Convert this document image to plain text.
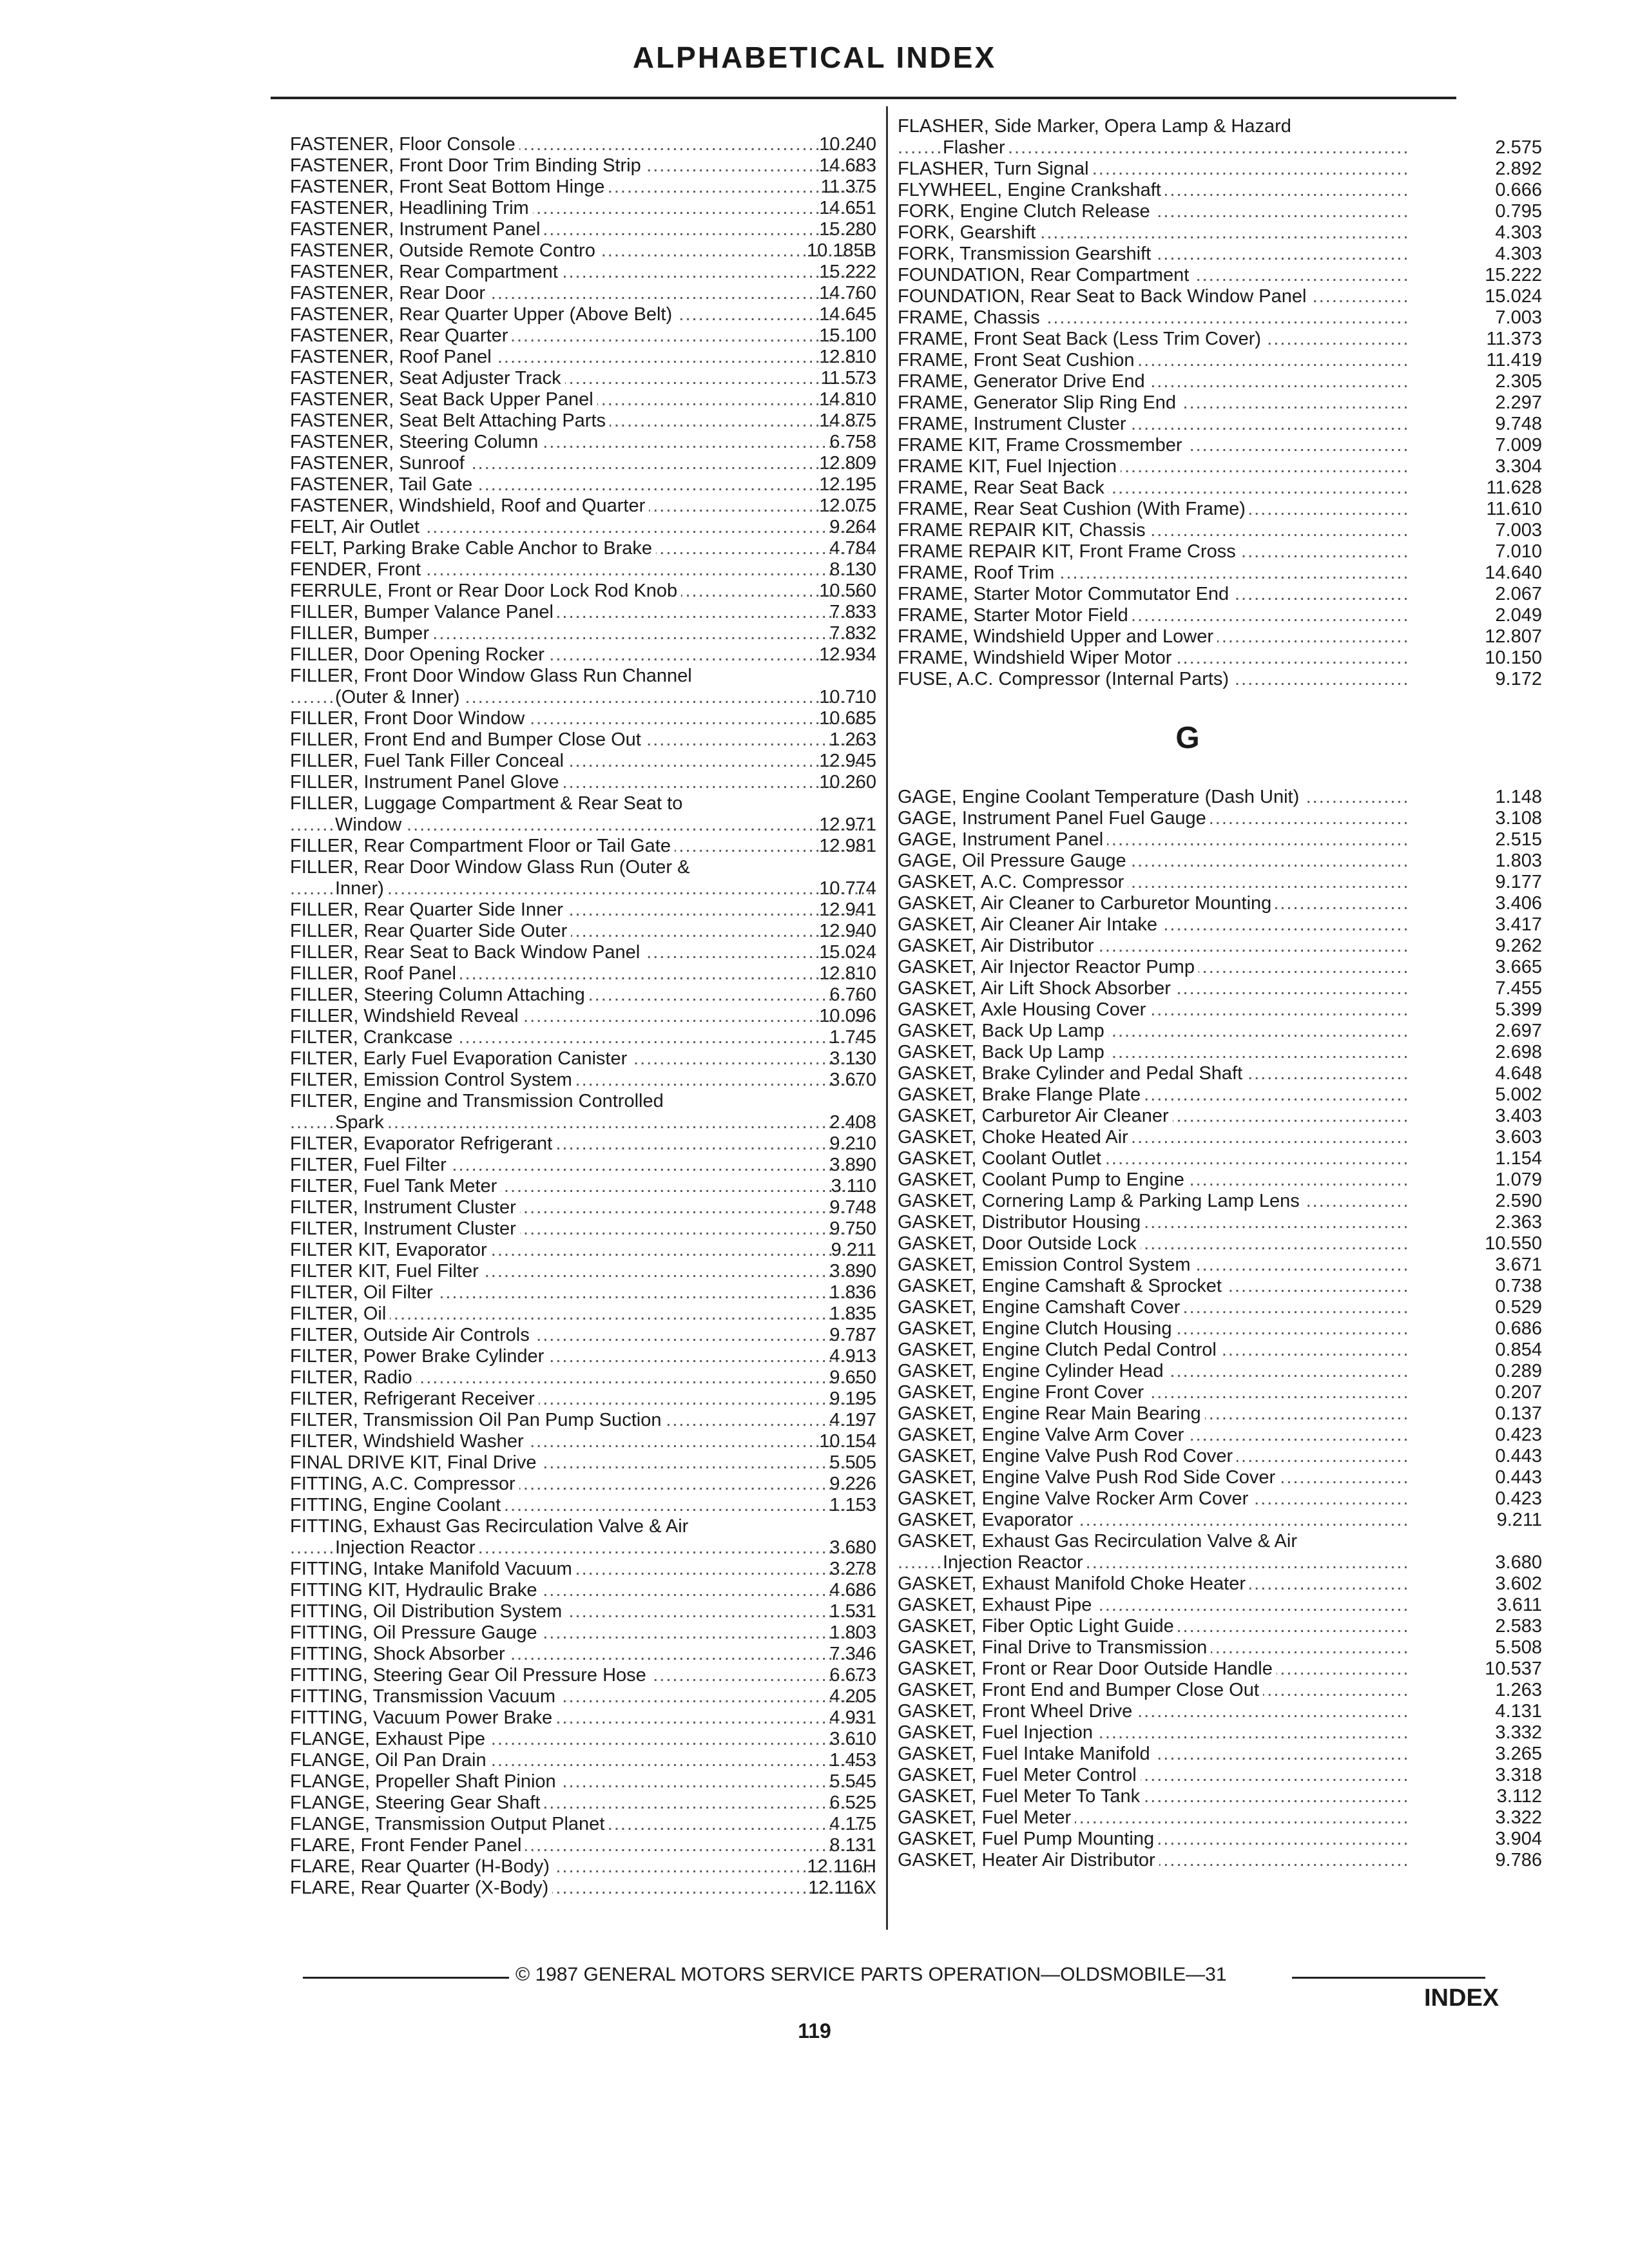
ALPHABETICAL INDEX
.....
FASTENER, Floor Console	10.240
.....
FASTENER, Front Door Trim Binding Strip	14.683
.....
FASTENER, Front Seat Bottom Hinge	11.375
.....
FASTENER, Headlining Trim	14.651
.....
FASTENER, Instrument Panel	15.280
.....
FASTENER, Outside Remote Contro	10.185B
.....
FASTENER, Rear Compartment	15.222
.....
FASTENER, Rear Door	14.760
.....
FASTENER, Rear Quarter Upper (Above Belt)	14.645
.....
FASTENER, Rear Quarter	15.100
.....
FASTENER, Roof Panel	12.810
.....
FASTENER, Seat Adjuster Track	11.573
.....
FASTENER, Seat Back Upper Panel	14.810
.....
FASTENER, Seat Belt Attaching Parts	14.875
.....
FASTENER, Steering Column	6.758
.....
FASTENER, Sunroof	12.809
.....
FASTENER, Tail Gate	12.195
.....
FASTENER, Windshield, Roof and Quarter	12.075
.....
FELT, Air Outlet	9.264
.....
FELT, Parking Brake Cable Anchor to Brake	4.784
.....
FENDER, Front	8.130
.....
FERRULE, Front or Rear Door Lock Rod Knob	10.560
.....
FILLER, Bumper Valance Panel	7.833
.....
FILLER, Bumper	7.832
.....
FILLER, Door Opening Rocker	12.934
FILLER, Front Door Window Glass Run Channel
.....
(Outer & Inner)	10.710
.....
FILLER, Front Door Window	10.685
.....
FILLER, Front End and Bumper Close Out	1.263
.....
FILLER, Fuel Tank Filler Conceal	12.945
.....
FILLER, Instrument Panel Glove	10.260
FILLER, Luggage Compartment & Rear Seat to
.....
Window	12.971
.....
FILLER, Rear Compartment Floor or Tail Gate	12.981
FILLER, Rear Door Window Glass Run (Outer &
.....
Inner)	10.774
.....
FILLER, Rear Quarter Side Inner	12.941
.....
FILLER, Rear Quarter Side Outer	12.940
.....
FILLER, Rear Seat to Back Window Panel	15.024
.....
FILLER, Roof Panel	12.810
.....
FILLER, Steering Column Attaching	6.760
.....
FILLER, Windshield Reveal	10.096
.....
FILTER, Crankcase	1.745
.....
FILTER, Early Fuel Evaporation Canister	3.130
.....
FILTER, Emission Control System	3.670
FILTER, Engine and Transmission Controlled
.....
Spark	2.408
.....
FILTER, Evaporator Refrigerant	9.210
.....
FILTER, Fuel Filter	3.890
.....
FILTER, Fuel Tank Meter	3.110
.....
FILTER, Instrument Cluster	9.748
.....
FILTER, Instrument Cluster	9.750
.....
FILTER KIT, Evaporator	9.211
.....
FILTER KIT, Fuel Filter	3.890
.....
FILTER, Oil Filter	1.836
.....
FILTER, Oil	1.835
.....
FILTER, Outside Air Controls	9.787
.....
FILTER, Power Brake Cylinder	4.913
.....
FILTER, Radio	9.650
.....
FILTER, Refrigerant Receiver	9.195
.....
FILTER, Transmission Oil Pan Pump Suction	4.197
.....
FILTER, Windshield Washer	10.154
.....
FINAL DRIVE KIT, Final Drive	5.505
.....
FITTING, A.C. Compressor	9.226
.....
FITTING, Engine Coolant	1.153
FITTING, Exhaust Gas Recirculation Valve & Air
.....
Injection Reactor	3.680
.....
FITTING, Intake Manifold Vacuum	3.278
.....
FITTING KIT, Hydraulic Brake	4.686
.....
FITTING, Oil Distribution System	1.531
.....
FITTING, Oil Pressure Gauge	1.803
.....
FITTING, Shock Absorber	7.346
.....
FITTING, Steering Gear Oil Pressure Hose	6.673
.....
FITTING, Transmission Vacuum	4.205
.....
FITTING, Vacuum Power Brake	4.931
.....
FLANGE, Exhaust Pipe	3.610
.....
FLANGE, Oil Pan Drain	1.453
.....
FLANGE, Propeller Shaft Pinion	5.545
.....
FLANGE, Steering Gear Shaft	6.525
.....
FLANGE, Transmission Output Planet	4.175
.....
FLARE, Front Fender Panel	8.131
.....
FLARE, Rear Quarter (H-Body)	12.116H
.....
FLARE, Rear Quarter (X-Body)	12.116X
FLASHER, Side Marker, Opera Lamp & Hazard
.....
Flasher	2.575
.....
FLASHER, Turn Signal	2.892
.....
FLYWHEEL, Engine Crankshaft	0.666
.....
FORK, Engine Clutch Release	0.795
.....
FORK, Gearshift	4.303
.....
FORK, Transmission Gearshift	4.303
.....
FOUNDATION, Rear Compartment	15.222
.....
FOUNDATION, Rear Seat to Back Window Panel	15.024
.....
FRAME, Chassis	7.003
.....
FRAME, Front Seat Back (Less Trim Cover)	11.373
.....
FRAME, Front Seat Cushion	11.419
.....
FRAME, Generator Drive End	2.305
.....
FRAME, Generator Slip Ring End	2.297
.....
FRAME, Instrument Cluster	9.748
.....
FRAME KIT, Frame Crossmember	7.009
.....
FRAME KIT, Fuel Injection	3.304
.....
FRAME, Rear Seat Back	11.628
.....
FRAME, Rear Seat Cushion (With Frame)	11.610
.....
FRAME REPAIR KIT, Chassis	7.003
.....
FRAME REPAIR KIT, Front Frame Cross	7.010
.....
FRAME, Roof Trim	14.640
.....
FRAME, Starter Motor Commutator End	2.067
.....
FRAME, Starter Motor Field	2.049
.....
FRAME, Windshield Upper and Lower	12.807
.....
FRAME, Windshield Wiper Motor	10.150
.....
FUSE, A.C. Compressor (Internal Parts)	9.172
G
.....
GAGE, Engine Coolant Temperature (Dash Unit)	1.148
.....
GAGE, Instrument Panel Fuel Gauge	3.108
.....
GAGE, Instrument Panel	2.515
.....
GAGE, Oil Pressure Gauge	1.803
.....
GASKET, A.C. Compressor	9.177
.....
GASKET, Air Cleaner to Carburetor Mounting	3.406
.....
GASKET, Air Cleaner Air Intake	3.417
.....
GASKET, Air Distributor	9.262
.....
GASKET, Air Injector Reactor Pump	3.665
.....
GASKET, Air Lift Shock Absorber	7.455
.....
GASKET, Axle Housing Cover	5.399
.....
GASKET, Back Up Lamp	2.697
.....
GASKET, Back Up Lamp	2.698
.....
GASKET, Brake Cylinder and Pedal Shaft	4.648
.....
GASKET, Brake Flange Plate	5.002
.....
GASKET, Carburetor Air Cleaner	3.403
.....
GASKET, Choke Heated Air	3.603
.....
GASKET, Coolant Outlet	1.154
.....
GASKET, Coolant Pump to Engine	1.079
.....
GASKET, Cornering Lamp & Parking Lamp Lens	2.590
.....
GASKET, Distributor Housing	2.363
.....
GASKET, Door Outside Lock	10.550
.....
GASKET, Emission Control System	3.671
.....
GASKET, Engine Camshaft & Sprocket	0.738
.....
GASKET, Engine Camshaft Cover	0.529
.....
GASKET, Engine Clutch Housing	0.686
.....
GASKET, Engine Clutch Pedal Control	0.854
.....
GASKET, Engine Cylinder Head	0.289
.....
GASKET, Engine Front Cover	0.207
.....
GASKET, Engine Rear Main Bearing	0.137
.....
GASKET, Engine Valve Arm Cover	0.423
.....
GASKET, Engine Valve Push Rod Cover	0.443
.....
GASKET, Engine Valve Push Rod Side Cover	0.443
.....
GASKET, Engine Valve Rocker Arm Cover	0.423
.....
GASKET, Evaporator	9.211
GASKET, Exhaust Gas Recirculation Valve & Air
.....
Injection Reactor	3.680
.....
GASKET, Exhaust Manifold Choke Heater	3.602
.....
GASKET, Exhaust Pipe	3.611
.....
GASKET, Fiber Optic Light Guide	2.583
.....
GASKET, Final Drive to Transmission	5.508
.....
GASKET, Front or Rear Door Outside Handle	10.537
.....
GASKET, Front End and Bumper Close Out	1.263
.....
GASKET, Front Wheel Drive	4.131
.....
GASKET, Fuel Injection	3.332
.....
GASKET, Fuel Intake Manifold	3.265
.....
GASKET, Fuel Meter Control	3.318
.....
GASKET, Fuel Meter To Tank	3.112
.....
GASKET, Fuel Meter	3.322
.....
GASKET, Fuel Pump Mounting	3.904
.....
GASKET, Heater Air Distributor	9.786
© 1987 GENERAL MOTORS SERVICE PARTS OPERATION—OLDSMOBILE—31
INDEX
119
